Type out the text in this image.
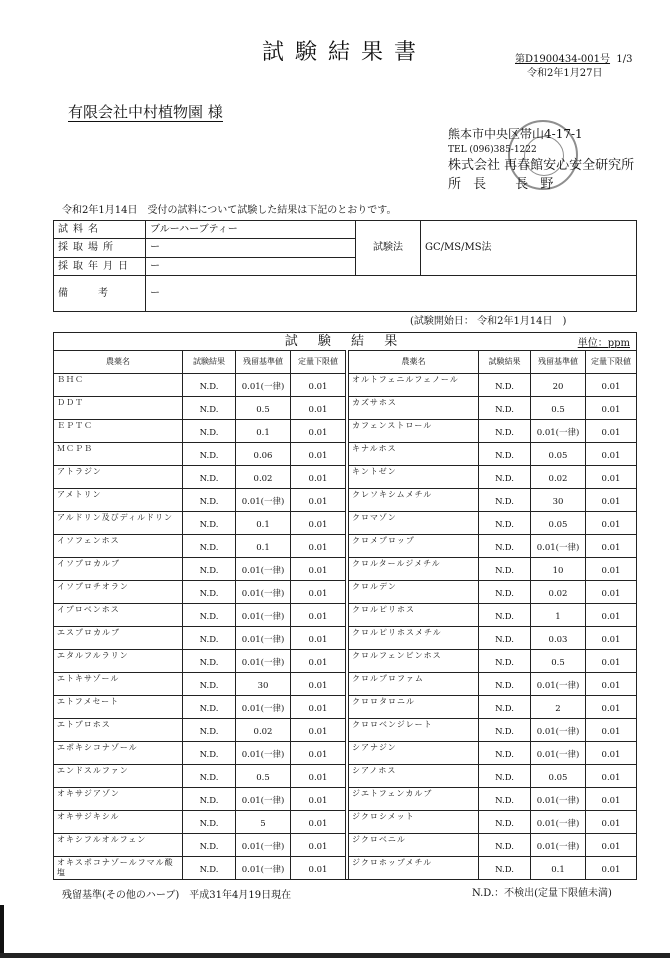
試験結果書	第D1900434-001号 1/3
令和2年1月27日
有限会社中村植物園 様
熊本市中央区帯山4-17-1
TEL (096)385-1222
株式会社 再春館安心安全研究所
所 長　 長 野
令和2年1月14日　受付の試料について試験した結果は下記のとおりです。
試料名	ブルーハーブティー	試験法	GC/MS/MS法
採取場所	ー		
採取年月日	ー		
備考	ー		
(試験開始日： 令和2年1月14日　)
試 験 結 果 単位：ppm								

農薬名	試験結果	残留基準値	定量下限値		農薬名	試験結果	残留基準値	定量下限値
ＢＨＣ	N.D.	0.01(一律)	0.01		オルトフェニルフェノール	N.D.	20	0.01
ＤＤＴ	N.D.	0.5	0.01		カズサホス	N.D.	0.5	0.01
ＥＰＴＣ	N.D.	0.1	0.01		カフェンストロール	N.D.	0.01(一律)	0.01
ＭＣＰＢ	N.D.	0.06	0.01		キナルホス	N.D.	0.05	0.01
アトラジン	N.D.	0.02	0.01		キントゼン	N.D.	0.02	0.01
アメトリン	N.D.	0.01(一律)	0.01		クレソキシムメチル	N.D.	30	0.01
アルドリン及びディルドリン	N.D.	0.1	0.01		クロマゾン	N.D.	0.05	0.01
イソフェンホス	N.D.	0.1	0.01		クロメプロップ	N.D.	0.01(一律)	0.01
イソプロカルブ	N.D.	0.01(一律)	0.01		クロルタールジメチル	N.D.	10	0.01
イソプロチオラン	N.D.	0.01(一律)	0.01		クロルデン	N.D.	0.02	0.01
イプロベンホス	N.D.	0.01(一律)	0.01		クロルピリホス	N.D.	1	0.01
エスプロカルブ	N.D.	0.01(一律)	0.01		クロルピリホスメチル	N.D.	0.03	0.01
エタルフルラリン	N.D.	0.01(一律)	0.01		クロルフェンビンホス	N.D.	0.5	0.01
エトキサゾール	N.D.	30	0.01		クロルプロファム	N.D.	0.01(一律)	0.01
エトフメセート	N.D.	0.01(一律)	0.01		クロロタロニル	N.D.	2	0.01
エトプロホス	N.D.	0.02	0.01		クロロベンジレート	N.D.	0.01(一律)	0.01
エポキシコナゾール	N.D.	0.01(一律)	0.01		シアナジン	N.D.	0.01(一律)	0.01
エンドスルファン	N.D.	0.5	0.01		シアノホス	N.D.	0.05	0.01
オキサジアゾン	N.D.	0.01(一律)	0.01		ジエトフェンカルブ	N.D.	0.01(一律)	0.01
オキサジキシル	N.D.	5	0.01		ジクロシメット	N.D.	0.01(一律)	0.01
オキシフルオルフェン	N.D.	0.01(一律)	0.01		ジクロベニル	N.D.	0.01(一律)	0.01
オキスポコナゾールフマル酸塩	N.D.	0.01(一律)	0.01		ジクロホップメチル	N.D.	0.1	0.01
残留基準(その他のハーブ)　平成31年4月19日現在	N.D.：不検出(定量下限値未満)
